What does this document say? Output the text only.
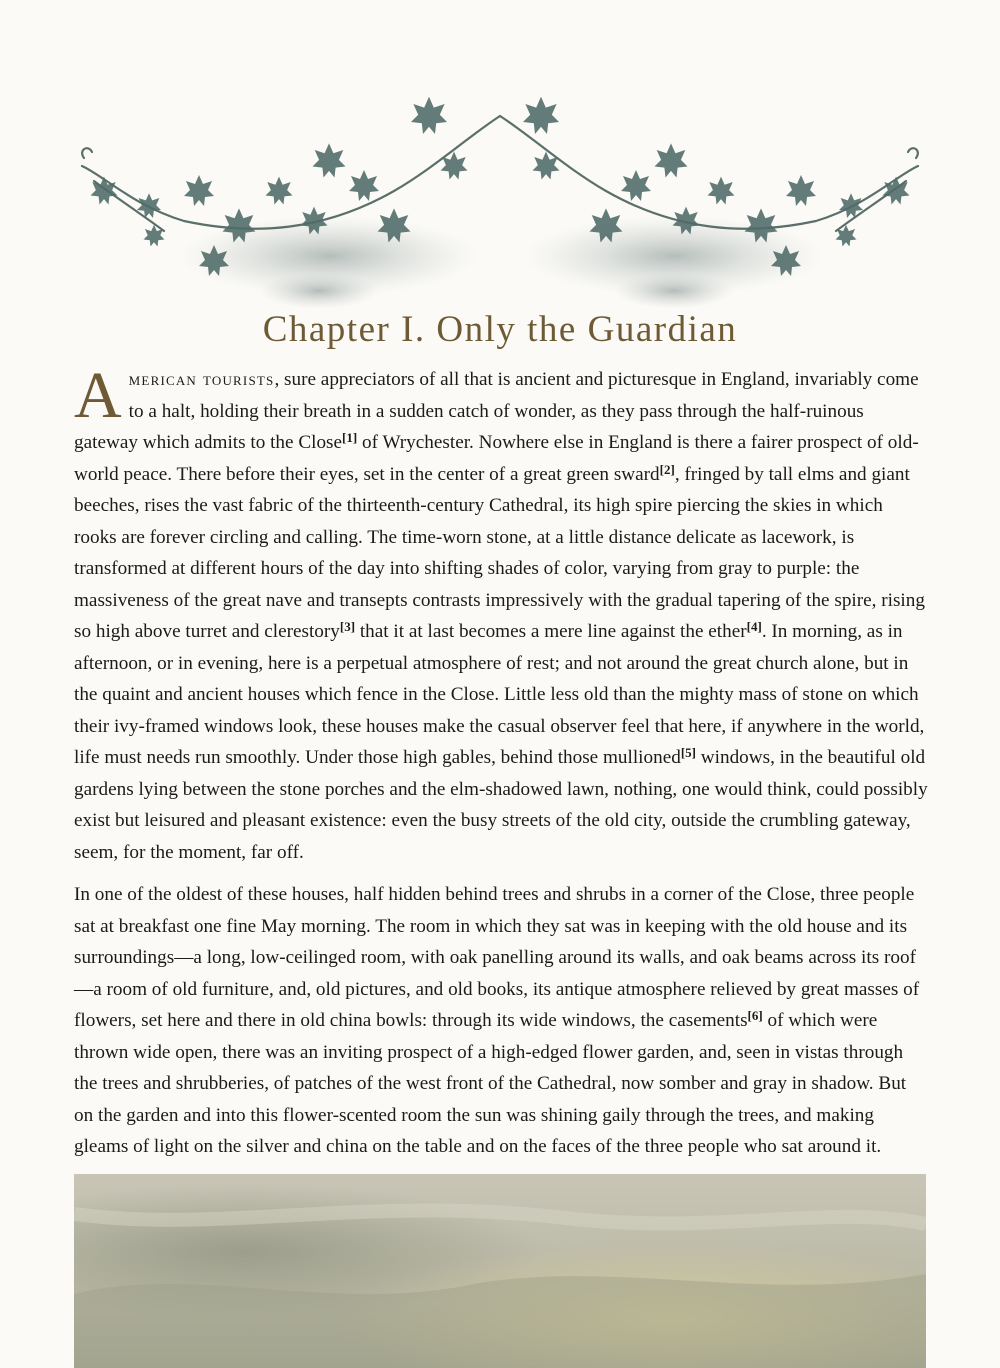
Chapter I. Only the Guardian

American tourists, sure appreciators of all that is ancient and picturesque in England, invariably come to a halt, holding their breath in a sudden catch of wonder, as they pass through the half-ruinous gateway which admits to the Close[1] of Wrychester. Nowhere else in England is there a fairer prospect of old-world peace. There before their eyes, set in the center of a great green sward[2], fringed by tall elms and giant beeches, rises the vast fabric of the thirteenth-century Cathedral, its high spire piercing the skies in which rooks are forever circling and calling. The time-worn stone, at a little distance delicate as lacework, is transformed at different hours of the day into shifting shades of color, varying from gray to purple: the massiveness of the great nave and transepts contrasts impressively with the gradual tapering of the spire, rising so high above turret and clerestory[3] that it at last becomes a mere line against the ether[4]. In morning, as in afternoon, or in evening, here is a perpetual atmosphere of rest; and not around the great church alone, but in the quaint and ancient houses which fence in the Close. Little less old than the mighty mass of stone on which their ivy-framed windows look, these houses make the casual observer feel that here, if anywhere in the world, life must needs run smoothly. Under those high gables, behind those mullioned[5] windows, in the beautiful old gardens lying between the stone porches and the elm-shadowed lawn, nothing, one would think, could possibly exist but leisured and pleasant existence: even the busy streets of the old city, outside the crumbling gateway, seem, for the moment, far off.

In one of the oldest of these houses, half hidden behind trees and shrubs in a corner of the Close, three people sat at breakfast one fine May morning. The room in which they sat was in keeping with the old house and its surroundings—a long, low-ceilinged room, with oak panelling around its walls, and oak beams across its roof—a room of old furniture, and, old pictures, and old books, its antique atmosphere relieved by great masses of flowers, set here and there in old china bowls: through its wide windows, the casements[6] of which were thrown wide open, there was an inviting prospect of a high-edged flower garden, and, seen in vistas through the trees and shrubberies, of patches of the west front of the Cathedral, now somber and gray in shadow. But on the garden and into this flower-scented room the sun was shining gaily through the trees, and making gleams of light on the silver and china on the table and on the faces of the three people who sat around it.
